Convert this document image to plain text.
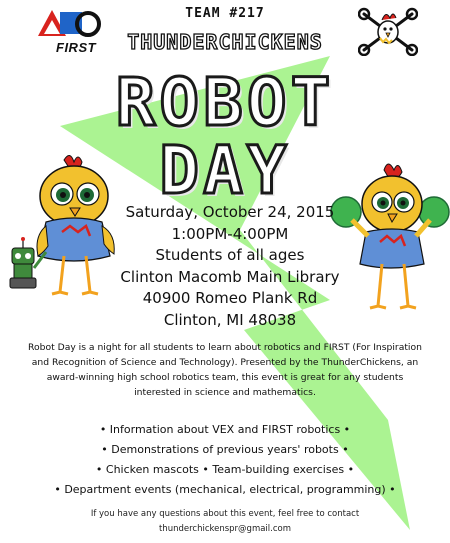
FIRST
TEAM #217
THUNDERCHICKENS
ROBOT
DAY
Saturday, October 24, 2015
1:00PM-4:00PM
Students of all ages
Clinton Macomb Main Library
40900 Romeo Plank Rd
Clinton, MI 48038
Robot Day is a night for all students to learn about robotics and FIRST (For Inspiration and Recognition of Science and Technology). Presented by the ThunderChickens, an award-winning high school robotics team, this event is great for any students interested in science and mathematics.
• Information about VEX and FIRST robotics •
• Demonstrations of previous years' robots •
• Chicken mascots • Team-building exercises •
• Department events (mechanical, electrical, programming) •
If you have any questions about this event, feel free to contact
thunderchickenspr@gmail.com
